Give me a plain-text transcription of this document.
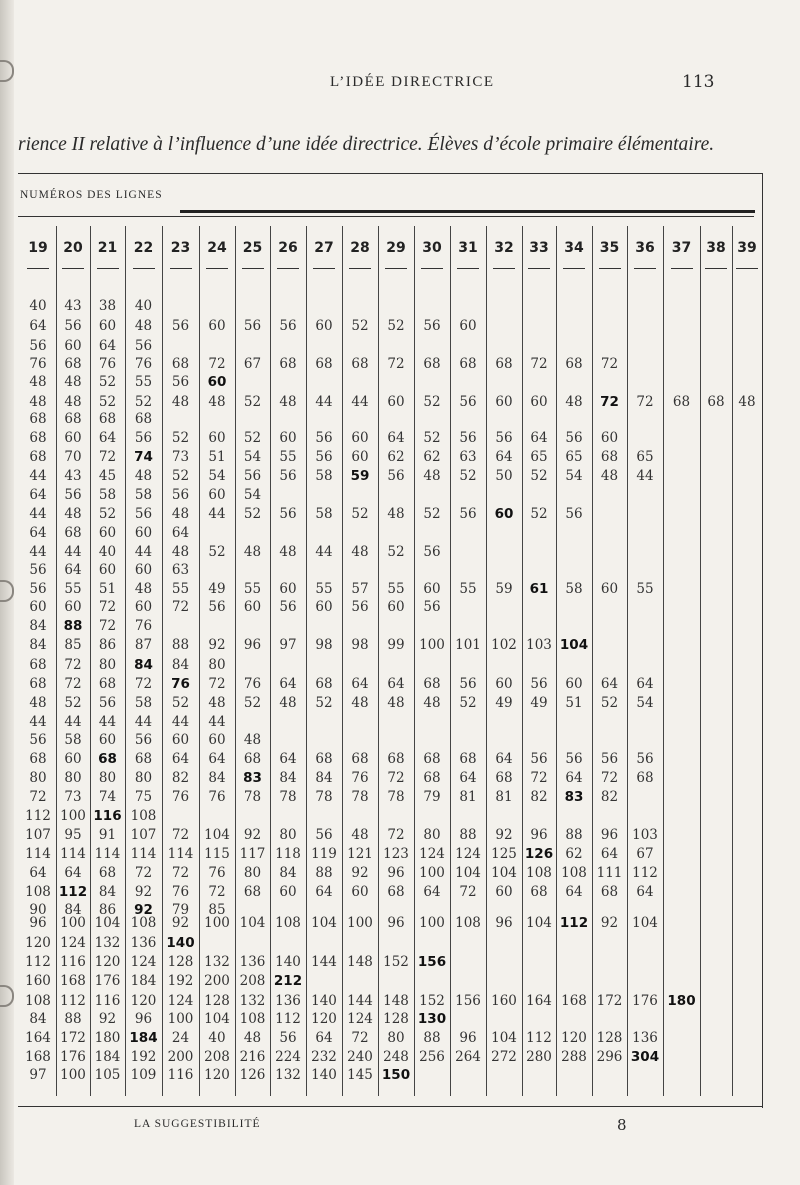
L’IDÉE DIRECTRICE	113
rience II relative à l’influence d’une idée directrice. Élèves d’école primaire élémentaire.
NUMÉROS DES LIGNES
19	20	21	22	23	24	25	26	27	28	29	30	31	32	33	34	35	36	37	38 39
40	43	38	40
64	56	60	48	56	60	56	56	60	52	52	56	60
56	60	64	56
76	68	76	76	68	72	67	68	68	68	72	68	68	68	72	68	72
48	48	52	55	56	60
48	48	52	52	48	48	52	48	44	44	60	52	56	60	60	48	72	72	68	68	48
68	68	68	68
68	60	64	56	52	60	52	60	56	60	64	52	56	56	64	56	60
68	70	72	74	73	51	54	55	56	60	62	62	63	64	65	65	68	65
44	43	45	48	52	54	56	56	58	59	56	48	52	50	52	54	48	44
64	56	58	58	56	60	54
44	48	52	56	48	44	52	56	58	52	48	52	56	60	52	56
64	68	60	60	64
44	44	40	44	48	52	48	48	44	48	52	56
56	64	60	60	63
56	55	51	48	55	49	55	60	55	57	55	60	55	59	61	58	60	55
60	60	72	60	72	56	60	56	60	56	60	56
84	88	72	76
84	85	86	87	88	92	96	97	98	98	99	100 101 102 103 104
68	72	80	84	84	80
68	72	68	72	76	72	76	64	68	64	64	68	56	60	56	60	64	64
48	52	56	58	52	48	52	48	52	48	48	48	52	49	49	51	52	54
44	44	44	44	44	44
56	58	60	56	60	60	48
68	60	68	68	64	64	68	64	68	68	68	68	68	64	56	56	56	56
80	80	80	80	82	84	83	84	84	76	72	68	64	68	72	64	72	68
72	73	74	75	76	76	78	78	78	78	78	79	81	81	82	83	82
112 100 116 108
107	95	91	107	72	104	92	80	56	48	72	80	88	92	96	88	96	103
114 114 114 114 114 115 117 118 119 121 123 124 124 125 126 62	64	67
64	64	68	72	72	76	80	84	88	92	96	100 104 104 108 108 111 112
108 112 84	92	76	72	68	60	64	60	68	64	72	60	68	64	68	64
90	84	86	92	79	85
96	100 104 108	92	100 104 108 104 100	96	100 108	96	104 112 92	104
120 124 132 136 140
112 116 120 124 128 132 136 140 144 148 152 156
160 168 176 184 192 200 208 212
108 112 116 120 124 128 132 136 140 144 148 152 156 160 164 168 172 176 180
84	88	92	96	100 104 108 112 120 124 128 130
164 172 180 184	24	40	48	56	64	72	80	88	96	104 112 120 128 136
168 176 184 192 200 208 216 224 232 240 248 256 264 272 280 288 296 304
97	100 105 109 116 120 126 132 140 145 150
LA SUGGESTIBILITÉ	8
